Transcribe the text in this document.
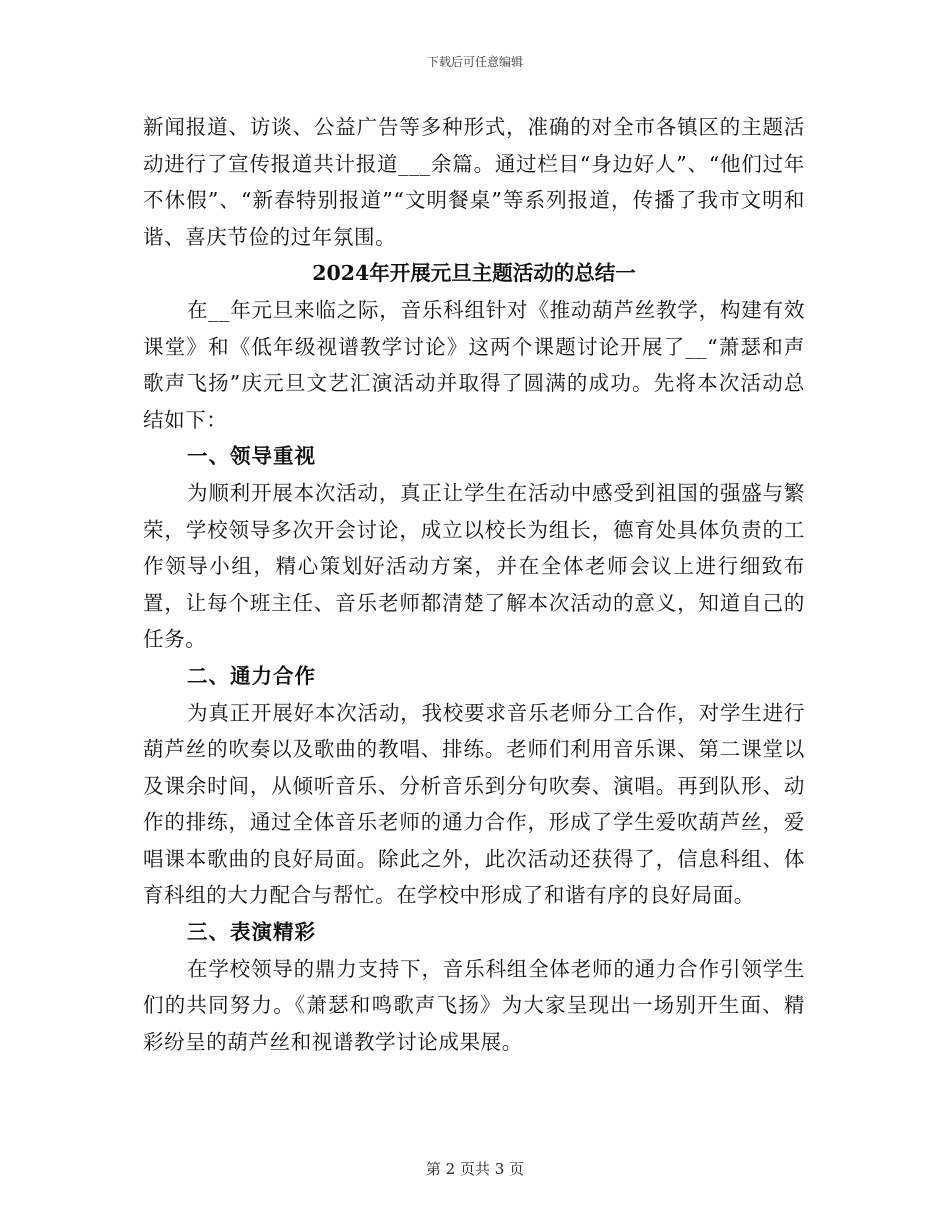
下载后可任意编辑

新闻报道、访谈、公益广告等多种形式，准确的对全市各镇区的主题活动进行了宣传报道共计报道___余篇。通过栏目“身边好人”、“他们过年不休假”、“新春特别报道”“文明餐桌”等系列报道，传播了我市文明和谐、喜庆节俭的过年氛围。

2024年开展元旦主题活动的总结一

在__年元旦来临之际，音乐科组针对《推动葫芦丝教学，构建有效课堂》和《低年级视谱教学讨论》这两个课题讨论开展了__“萧瑟和声歌声飞扬”庆元旦文艺汇演活动并取得了圆满的成功。先将本次活动总结如下：

一、领导重视

为顺利开展本次活动，真正让学生在活动中感受到祖国的强盛与繁荣，学校领导多次开会讨论，成立以校长为组长，德育处具体负责的工作领导小组，精心策划好活动方案，并在全体老师会议上进行细致布置，让每个班主任、音乐老师都清楚了解本次活动的意义，知道自己的任务。

二、通力合作

为真正开展好本次活动，我校要求音乐老师分工合作，对学生进行葫芦丝的吹奏以及歌曲的教唱、排练。老师们利用音乐课、第二课堂以及课余时间，从倾听音乐、分析音乐到分句吹奏、演唱。再到队形、动作的排练，通过全体音乐老师的通力合作，形成了学生爱吹葫芦丝，爱唱课本歌曲的良好局面。除此之外，此次活动还获得了，信息科组、体育科组的大力配合与帮忙。在学校中形成了和谐有序的良好局面。

三、表演精彩

在学校领导的鼎力支持下，音乐科组全体老师的通力合作引领学生们的共同努力。《萧瑟和鸣歌声飞扬》为大家呈现出一场别开生面、精彩纷呈的葫芦丝和视谱教学讨论成果展。

第 2 页共 3 页
